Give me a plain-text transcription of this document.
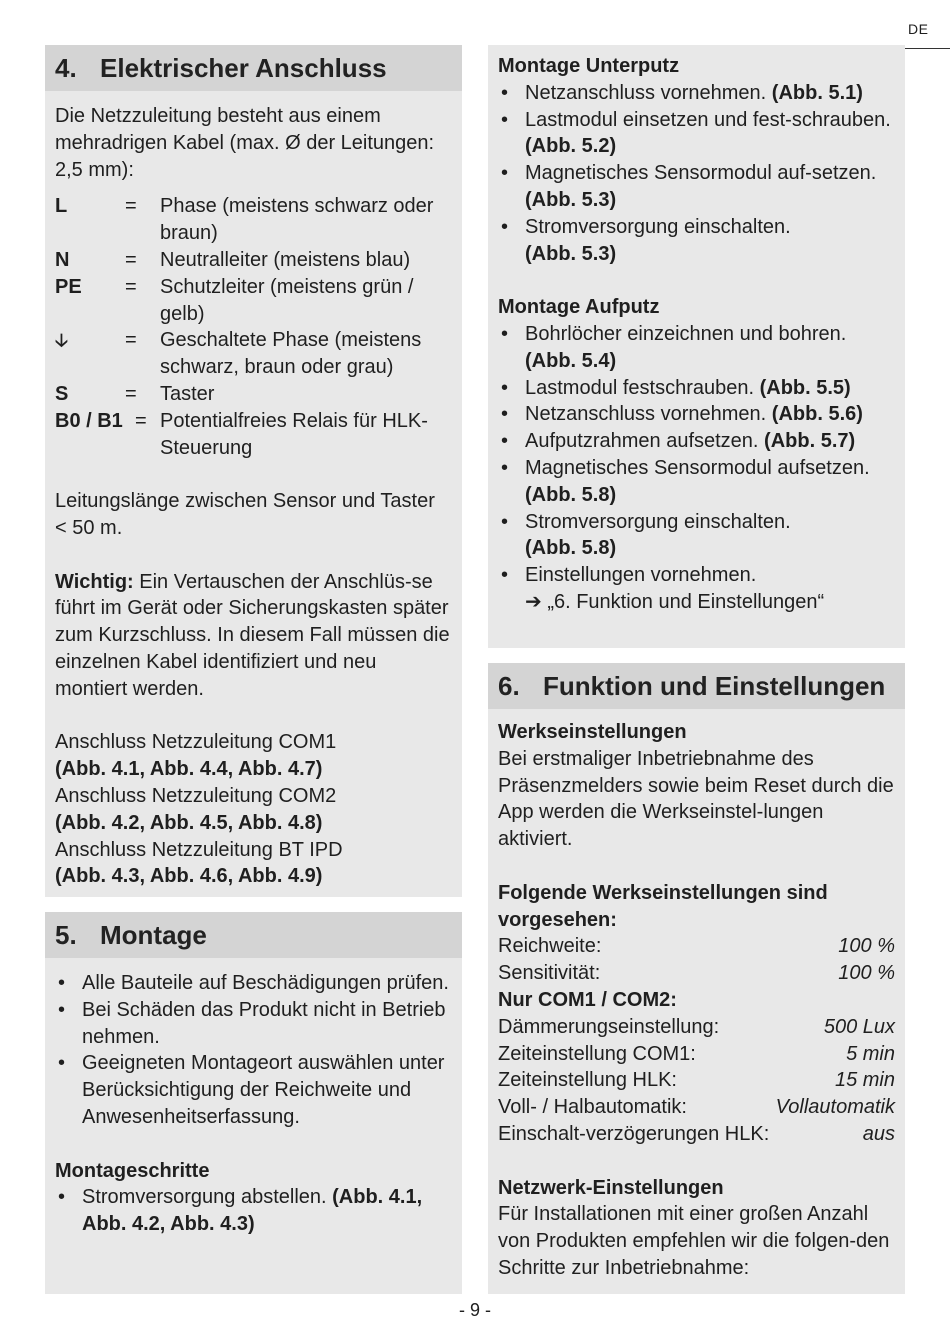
DE
4. Elektrischer Anschluss
Die Netzzuleitung besteht aus einem mehradrigen Kabel (max. Ø der Leitungen: 2,5 mm):
L	=	Phase (meistens schwarz oder braun)
N	=	Neutralleiter (meistens blau)
PE	=	Schutzleiter (meistens grün / gelb)
🡣	=	Geschaltete Phase (meistens schwarz, braun oder grau)
S	=	Taster
B0 / B1 = Potentialfreies Relais für HLK-Steuerung
Leitungslänge zwischen Sensor und Taster < 50 m.
Wichtig: Ein Vertauschen der Anschlüs-se führt im Gerät oder Sicherungskasten später zum Kurzschluss. In diesem Fall müssen die einzelnen Kabel identifiziert und neu montiert werden.
Anschluss Netzzuleitung COM1
(Abb. 4.1, Abb. 4.4, Abb. 4.7)
Anschluss Netzzuleitung COM2
(Abb. 4.2, Abb. 4.5, Abb. 4.8)
Anschluss Netzzuleitung BT IPD
(Abb. 4.3, Abb. 4.6, Abb. 4.9)
5. Montage
• Alle Bauteile auf Beschädigungen prüfen.
• Bei Schäden das Produkt nicht in Betrieb nehmen.
• Geeigneten Montageort auswählen unter Berücksichtigung der Reichweite und Anwesenheitserfassung.
Montageschritte
• Stromversorgung abstellen. (Abb. 4.1, Abb. 4.2, Abb. 4.3)
Montage Unterputz
• Netzanschluss vornehmen. (Abb. 5.1)
• Lastmodul einsetzen und fest-schrauben. (Abb. 5.2)
• Magnetisches Sensormodul auf-setzen. (Abb. 5.3)
• Stromversorgung einschalten.
(Abb. 5.3)
Montage Aufputz
• Bohrlöcher einzeichnen und bohren.
(Abb. 5.4)
• Lastmodul festschrauben. (Abb. 5.5)
• Netzanschluss vornehmen. (Abb. 5.6)
• Aufputzrahmen aufsetzen. (Abb. 5.7)
• Magnetisches Sensormodul aufsetzen. (Abb. 5.8)
• Stromversorgung einschalten.
(Abb. 5.8)
• Einstellungen vornehmen.
➔ „6. Funktion und Einstellungen“
6. Funktion und Einstellungen
Werkseinstellungen
Bei erstmaliger Inbetriebnahme des Präsenzmelders sowie beim Reset durch die App werden die Werkseinstel-lungen aktiviert.
Folgende Werkseinstellungen sind vorgesehen:
Reichweite:	100 %
Sensitivität:	100 %
Nur COM1 / COM2:
Dämmerungseinstellung:	500 Lux
Zeiteinstellung COM1:	5 min
Zeiteinstellung HLK:	15 min
Voll- / Halbautomatik:	Vollautomatik
Einschalt-verzögerungen HLK:	aus
Netzwerk-Einstellungen
Für Installationen mit einer großen Anzahl von Produkten empfehlen wir die folgen-den Schritte zur Inbetriebnahme:
- 9 -
